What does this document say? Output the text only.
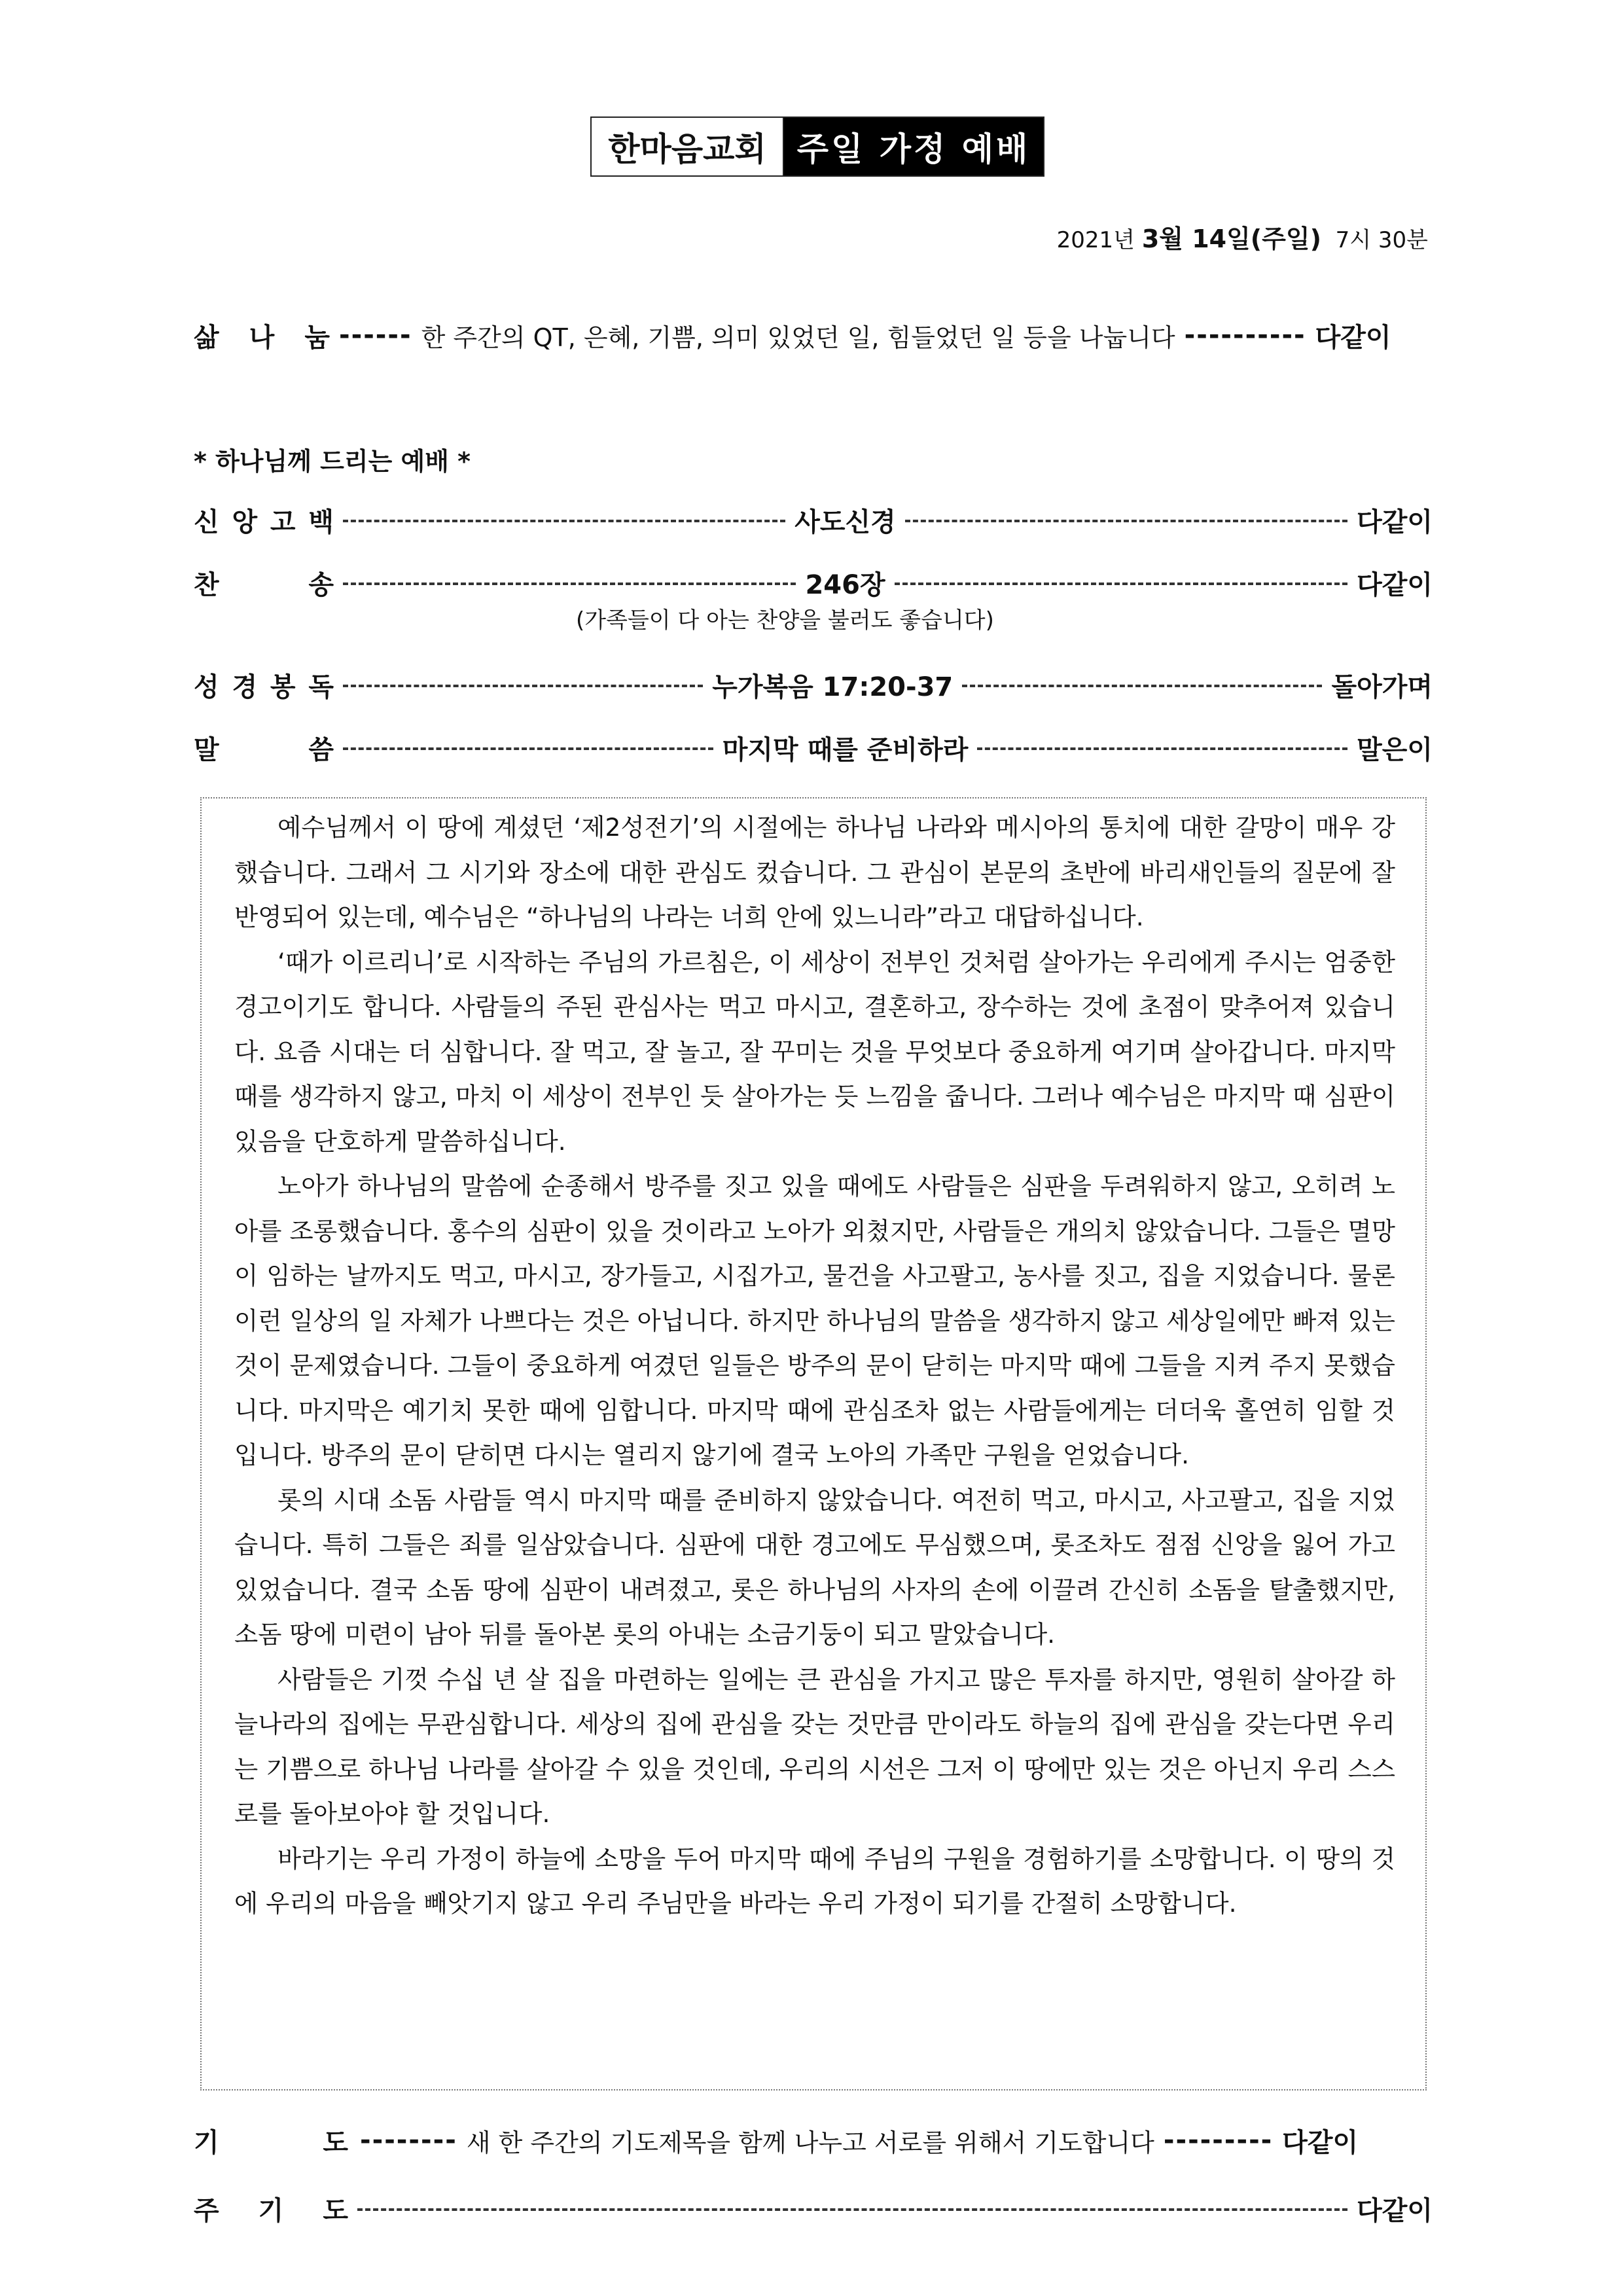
한마음교회 주일 가정 예배
2021년 3월 14일(주일) 7시 30분
삶 나 눔 ------ 한 주간의 QT, 은혜, 기쁨, 의미 있었던 일, 힘들었던 일 등을 나눕니다 ---------- 다같이
* 하나님께 드리는 예배 *
신 앙 고 백	사도신경	다같이
찬	송	246장	다같이
(가족들이 다 아는 찬양을 불러도 좋습니다)
성 경 봉 독	누가복음 17:20-37	돌아가며
말	씀	마지막 때를 준비하라	말은이

예수님께서 이 땅에 계셨던 ‘제2성전기’의 시절에는 하나님 나라와 메시아의 통치에 대한 갈망이 매우 강했습니다. 그래서 그 시기와 장소에 대한 관심도 컸습니다. 그 관심이 본문의 초반에 바리새인들의 질문에 잘 반영되어 있는데, 예수님은 “하나님의 나라는 너희 안에 있느니라”라고 대답하십니다.

‘때가 이르리니’로 시작하는 주님의 가르침은, 이 세상이 전부인 것처럼 살아가는 우리에게 주시는 엄중한 경고이기도 합니다. 사람들의 주된 관심사는 먹고 마시고, 결혼하고, 장수하는 것에 초점이 맞추어져 있습니다. 요즘 시대는 더 심합니다. 잘 먹고, 잘 놀고, 잘 꾸미는 것을 무엇보다 중요하게 여기며 살아갑니다. 마지막 때를 생각하지 않고, 마치 이 세상이 전부인 듯 살아가는 듯 느낌을 줍니다. 그러나 예수님은 마지막 때 심판이 있음을 단호하게 말씀하십니다.

노아가 하나님의 말씀에 순종해서 방주를 짓고 있을 때에도 사람들은 심판을 두려워하지 않고, 오히려 노아를 조롱했습니다. 홍수의 심판이 있을 것이라고 노아가 외쳤지만, 사람들은 개의치 않았습니다. 그들은 멸망이 임하는 날까지도 먹고, 마시고, 장가들고, 시집가고, 물건을 사고팔고, 농사를 짓고, 집을 지었습니다. 물론 이런 일상의 일 자체가 나쁘다는 것은 아닙니다. 하지만 하나님의 말씀을 생각하지 않고 세상일에만 빠져 있는 것이 문제였습니다. 그들이 중요하게 여겼던 일들은 방주의 문이 닫히는 마지막 때에 그들을 지켜 주지 못했습니다. 마지막은 예기치 못한 때에 임합니다. 마지막 때에 관심조차 없는 사람들에게는 더더욱 홀연히 임할 것입니다. 방주의 문이 닫히면 다시는 열리지 않기에 결국 노아의 가족만 구원을 얻었습니다.

롯의 시대 소돔 사람들 역시 마지막 때를 준비하지 않았습니다. 여전히 먹고, 마시고, 사고팔고, 집을 지었습니다. 특히 그들은 죄를 일삼았습니다. 심판에 대한 경고에도 무심했으며, 롯조차도 점점 신앙을 잃어 가고 있었습니다. 결국 소돔 땅에 심판이 내려졌고, 롯은 하나님의 사자의 손에 이끌려 간신히 소돔을 탈출했지만, 소돔 땅에 미련이 남아 뒤를 돌아본 롯의 아내는 소금기둥이 되고 말았습니다.

사람들은 기껏 수십 년 살 집을 마련하는 일에는 큰 관심을 가지고 많은 투자를 하지만, 영원히 살아갈 하늘나라의 집에는 무관심합니다. 세상의 집에 관심을 갖는 것만큼 만이라도 하늘의 집에 관심을 갖는다면 우리는 기쁨으로 하나님 나라를 살아갈 수 있을 것인데, 우리의 시선은 그저 이 땅에만 있는 것은 아닌지 우리 스스로를 돌아보아야 할 것입니다.

바라기는 우리 가정이 하늘에 소망을 두어 마지막 때에 주님의 구원을 경험하기를 소망합니다. 이 땅의 것에 우리의 마음을 빼앗기지 않고 우리 주님만을 바라는 우리 가정이 되기를 간절히 소망합니다.

기	도 -------- 새 한 주간의 기도제목을 함께 나누고 서로를 위해서 기도합니다 --------- 다같이
주 기 도	다같이
